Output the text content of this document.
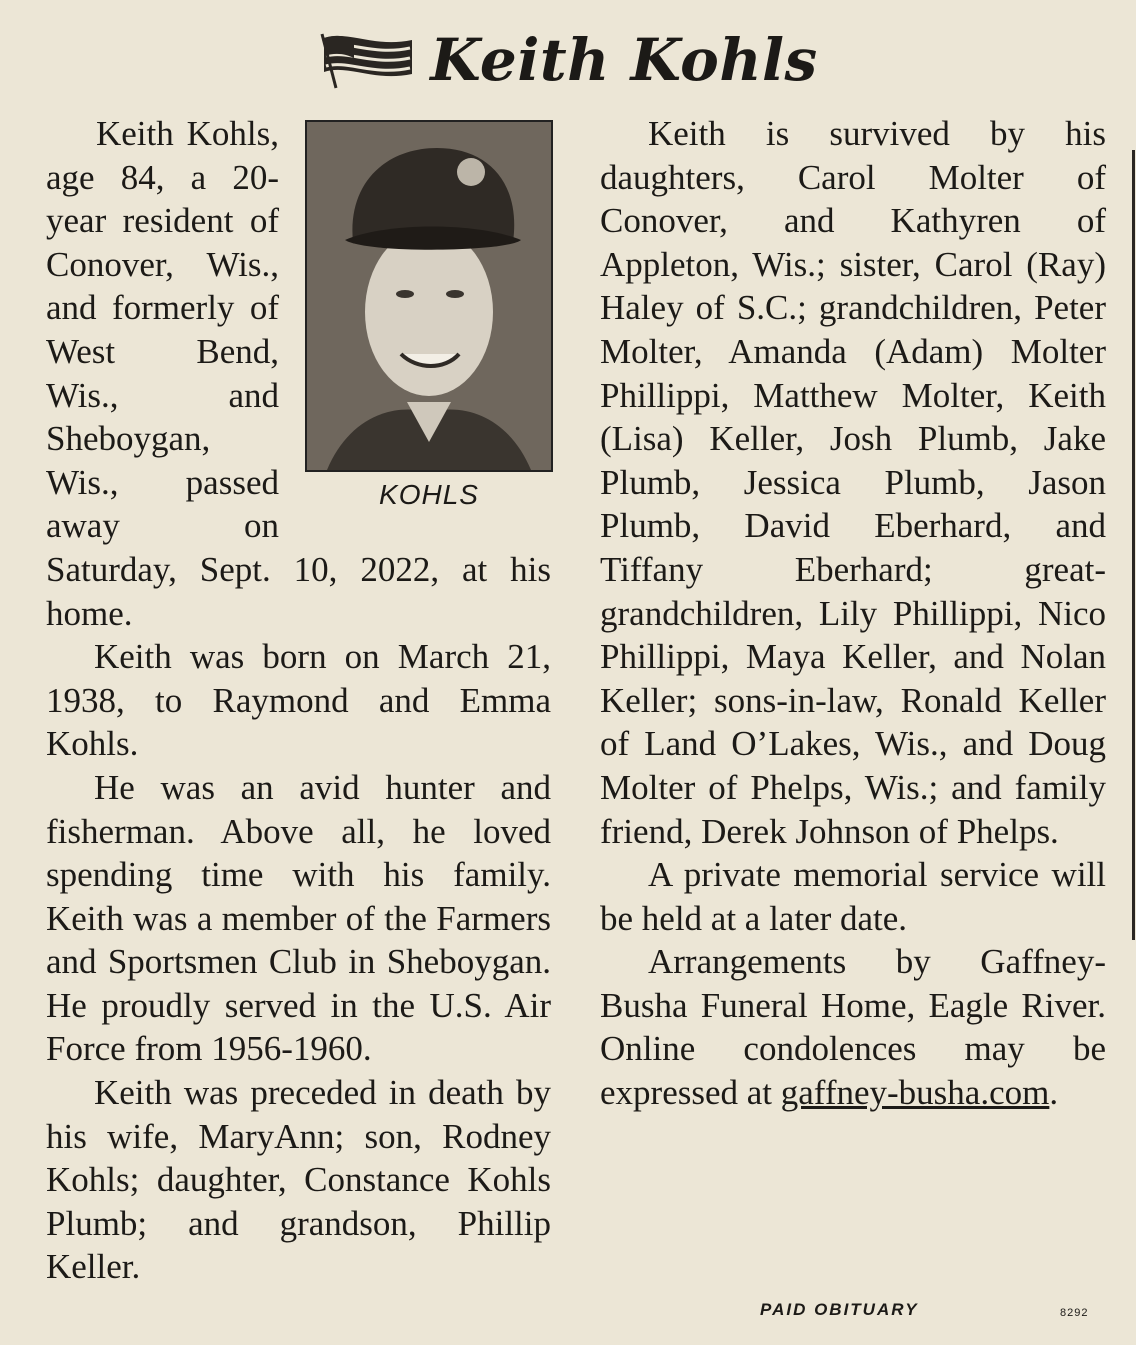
Keith Kohls
KOHLS

Keith Kohls, age 84, a 20-year resident of Conover, Wis., and formerly of West Bend, Wis., and Sheboygan, Wis., passed away on Saturday, Sept. 10, 2022, at his home.

Keith was born on March 21, 1938, to Raymond and Emma Kohls.

He was an avid hunter and fisherman. Above all, he loved spending time with his family. Keith was a member of the Farmers and Sportsmen Club in Sheboygan. He proudly served in the U.S. Air Force from 1956-1960.

Keith was preceded in death by his wife, MaryAnn; son, Rodney Kohls; daughter, Constance Kohls Plumb; and grandson, Phillip Keller.

Keith is survived by his daughters, Carol Molter of Conover, and Kathyren of Appleton, Wis.; sister, Carol (Ray) Haley of S.C.; grandchildren, Peter Molter, Amanda (Adam) Molter Phillippi, Matthew Molter, Keith (Lisa) Keller, Josh Plumb, Jake Plumb, Jessica Plumb, Jason Plumb, David Eberhard, and Tiffany Eberhard; great-grandchildren, Lily Phillippi, Nico Phillippi, Maya Keller, and Nolan Keller; sons-in-law, Ronald Keller of Land O’Lakes, Wis., and Doug Molter of Phelps, Wis.; and family friend, Derek Johnson of Phelps.

A private memorial service will be held at a later date.

Arrangements by Gaffney-Busha Funeral Home, Eagle River. Online condolences may be expressed at gaffney-busha.com.

PAID OBITUARY	8292
